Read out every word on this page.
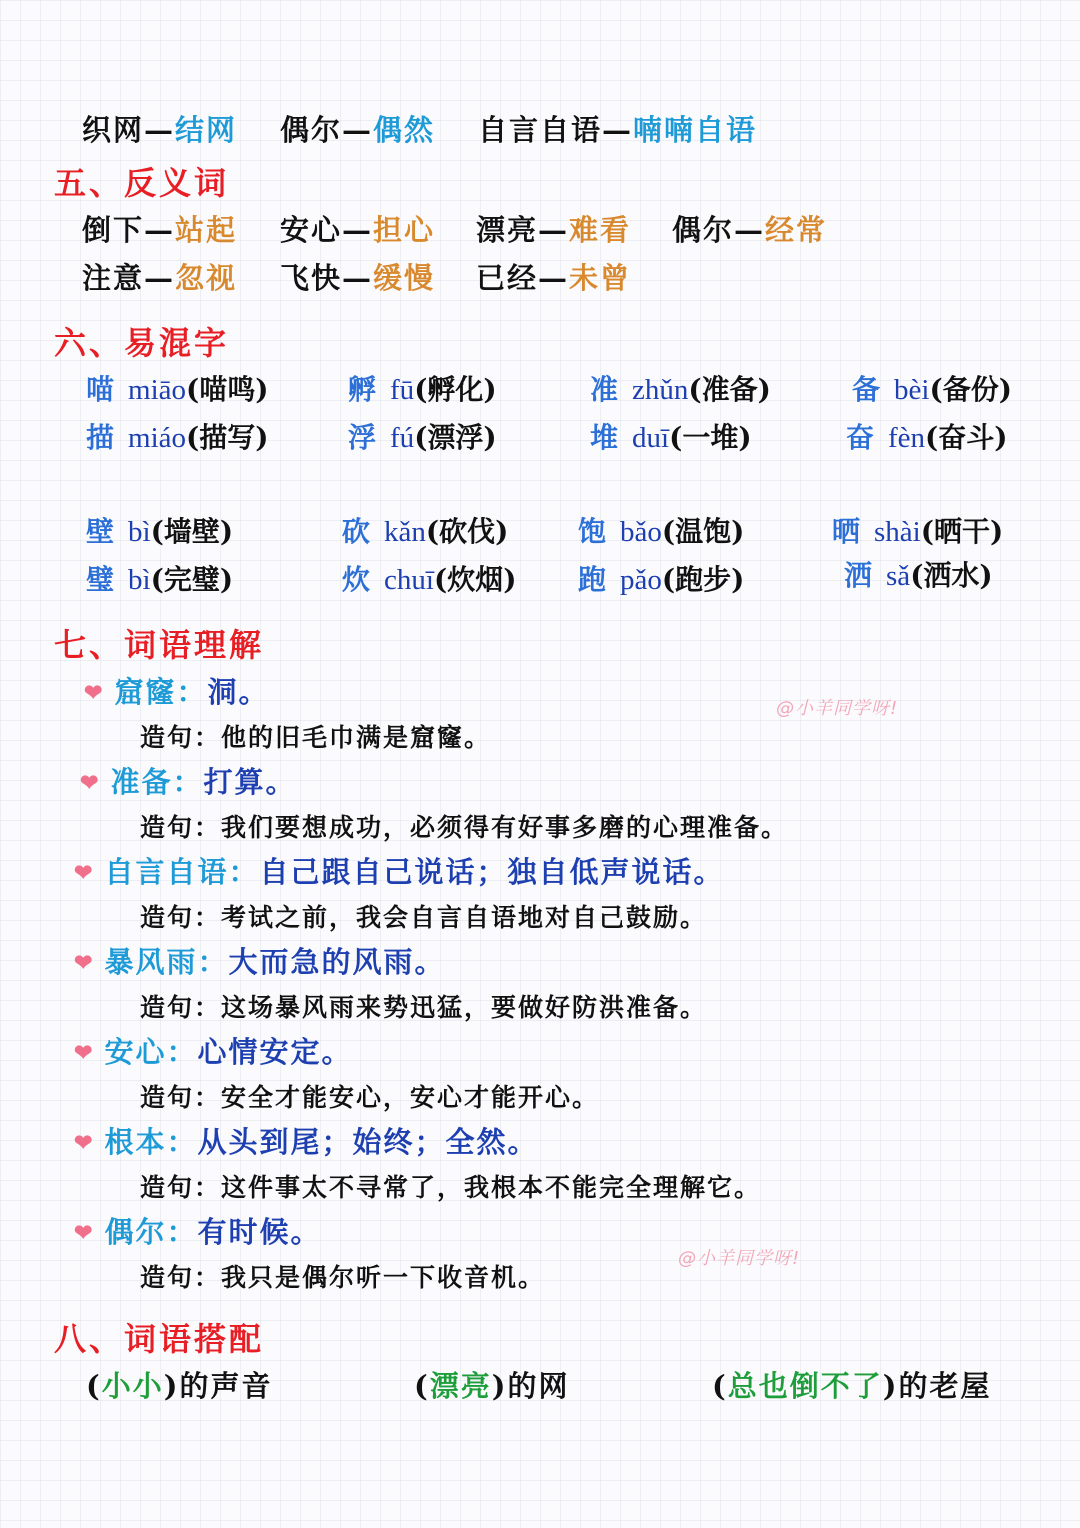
织网—结网 偶尔—偶然 自言自语—喃喃自语
五、反义词
倒下—站起 安心—担心 漂亮—难看 偶尔—经常
注意—忽视 飞快—缓慢 已经—未曾
六、易混字
喵 miāo(喵鸣)	孵 fū(孵化)	准 zhǔn(准备)	备 bèi(备份)
描 miáo(描写)	浮 fú(漂浮)	堆 duī(一堆)	奋 fèn(奋斗)
壁 bì(墙壁)	砍 kǎn(砍伐) 饱 bǎo(温饱)	晒 shài(晒干)
璧 bì(完璧)	炊 chuī(炊烟) 跑 pǎo(跑步)	洒 sǎ(洒水)
七、词语理解
❤ 窟窿：洞。
造句：他的旧毛巾满是窟窿。
❤ 准备：打算。
造句：我们要想成功，必须得有好事多磨的心理准备。
❤ 自言自语：自己跟自己说话；独自低声说话。
造句：考试之前，我会自言自语地对自己鼓励。
❤ 暴风雨：大而急的风雨。
造句：这场暴风雨来势迅猛，要做好防洪准备。
❤ 安心：心情安定。
造句：安全才能安心，安心才能开心。
❤ 根本：从头到尾；始终；全然。
造句：这件事太不寻常了，我根本不能完全理解它。
❤ 偶尔：有时候。
造句：我只是偶尔听一下收音机。
@小羊同学呀!
@小羊同学呀!
八、词语搭配
(小小)的声音	(漂亮)的网	(总也倒不了)的老屋
